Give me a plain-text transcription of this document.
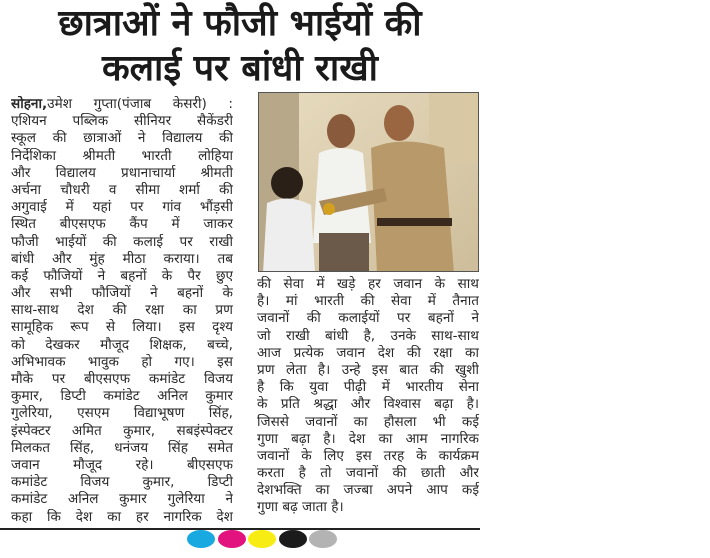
छात्राओं ने फौजी भाईयों की
कलाई पर बांधी राखी
सोहना,उमेश गुप्ता(पंजाब केसरी) :
एशियन पब्लिक सीनियर सैकेंडरी
स्कूल की छात्राओं ने विद्यालय की
निर्देशिका श्रीमती भारती लोहिया
और विद्यालय प्रधानाचार्या श्रीमती
अर्चना चौधरी व सीमा शर्मा की
अगुवाई में यहां पर गांव भौंड़सी
स्थित बीएसएफ कैंप में जाकर
फौजी भाईयों की कलाई पर राखी
बांधी और मुंह मीठा कराया। तब
कई फौजियों ने बहनों के पैर छुए
और सभी फौजियों ने बहनों के
साथ-साथ देश की रक्षा का प्रण
सामूहिक रूप से लिया। इस दृश्य
को देखकर मौजूद शिक्षक, बच्चे,
अभिभावक भावुक हो गए। इस
मौके पर बीएसएफ कमांडेट विजय
कुमार, डिप्टी कमांडेट अनिल कुमार
गुलेरिया, एसएम विद्याभूषण सिंह,
इंस्पेक्टर अमित कुमार, सबइंस्पेक्टर
मिलकत सिंह, धनंजय सिंह समेत
जवान मौजूद रहे। बीएसएफ
कमांडेट विजय कुमार, डिप्टी
कमांडेट अनिल कुमार गुलेरिया ने
कहा कि देश का हर नागरिक देश
की सेवा में खड़े हर जवान के साथ
है। मां भारती की सेवा में तैनात
जवानों की कलाईयों पर बहनों ने
जो राखी बांधी है, उनके साथ-साथ
आज प्रत्येक जवान देश की रक्षा का
प्रण लेता है। उन्हे इस बात की खुशी
है कि युवा पीढ़ी में भारतीय सेना
के प्रति श्रद्धा और विश्वास बढ़ा है।
जिससे जवानों का हौसला भी कई
गुणा बढ़ा है। देश का आम नागरिक
जवानों के लिए इस तरह के कार्यक्रम
करता है तो जवानों की छाती और
देशभक्ति का जज्बा अपने आप कई
गुणा बढ़ जाता है।
